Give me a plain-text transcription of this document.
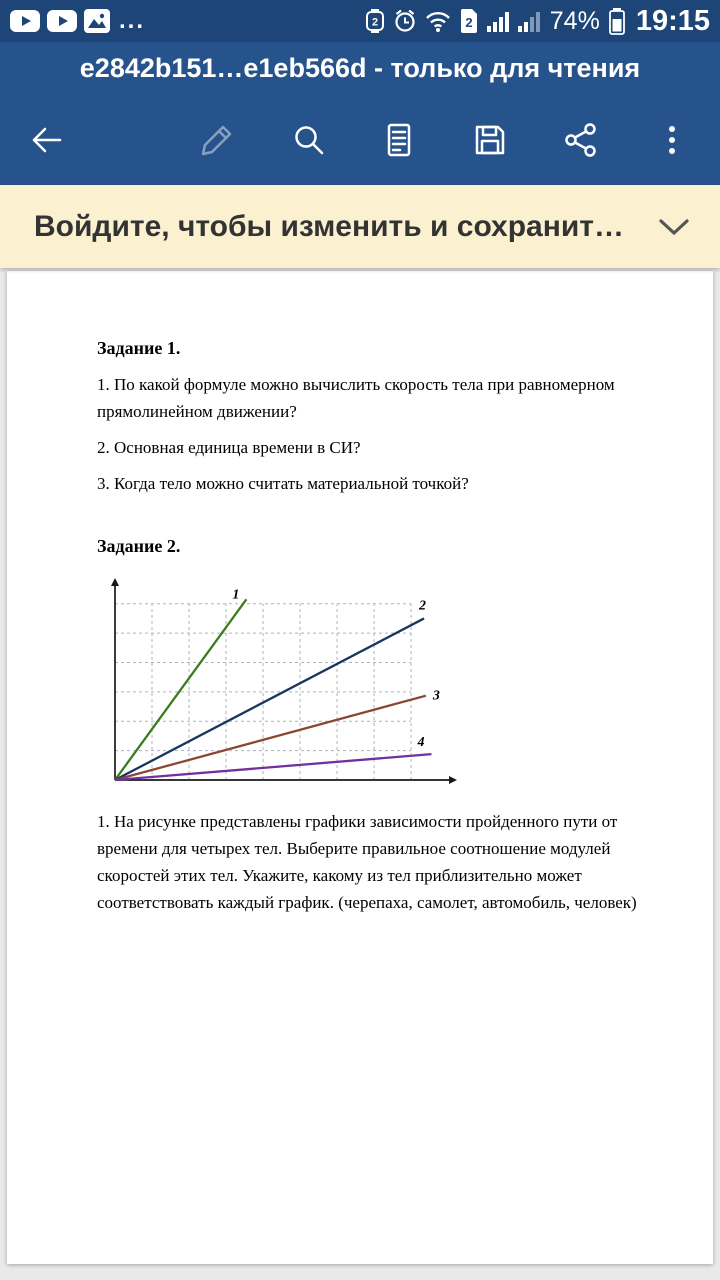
...	2	2	74% 19:15
e2842b151…e1eb566d - только для чтения
Войдите, чтобы изменить и сохранит…
Задание 1.

1. По какой формуле можно вычислить скорость тела при равномерном прямолинейном движении?

2. Основная единица времени в СИ?

3. Когда тело можно считать материальной точкой?

Задание 2.
1
2
3
4

1. На рисунке представлены графики зависимости пройденного пути от времени для четырех тел. Выберите правильное соотношение модулей скоростей этих тел. Укажите, какому из тел приблизительно может соответствовать каждый график. (черепаха, самолет, автомобиль, человек)
